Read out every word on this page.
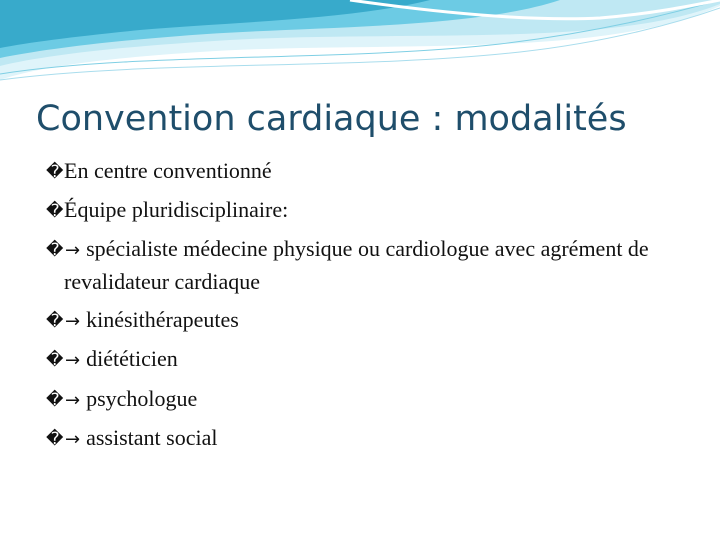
Convention cardiaque : modalités
�En centre conventionné
�Équipe pluridisciplinaire:
�→ spécialiste médecine physique ou cardiologue avec agrément de revalidateur cardiaque
�→ kinésithérapeutes
�→ diététicien
�→ psychologue
�→ assistant social
